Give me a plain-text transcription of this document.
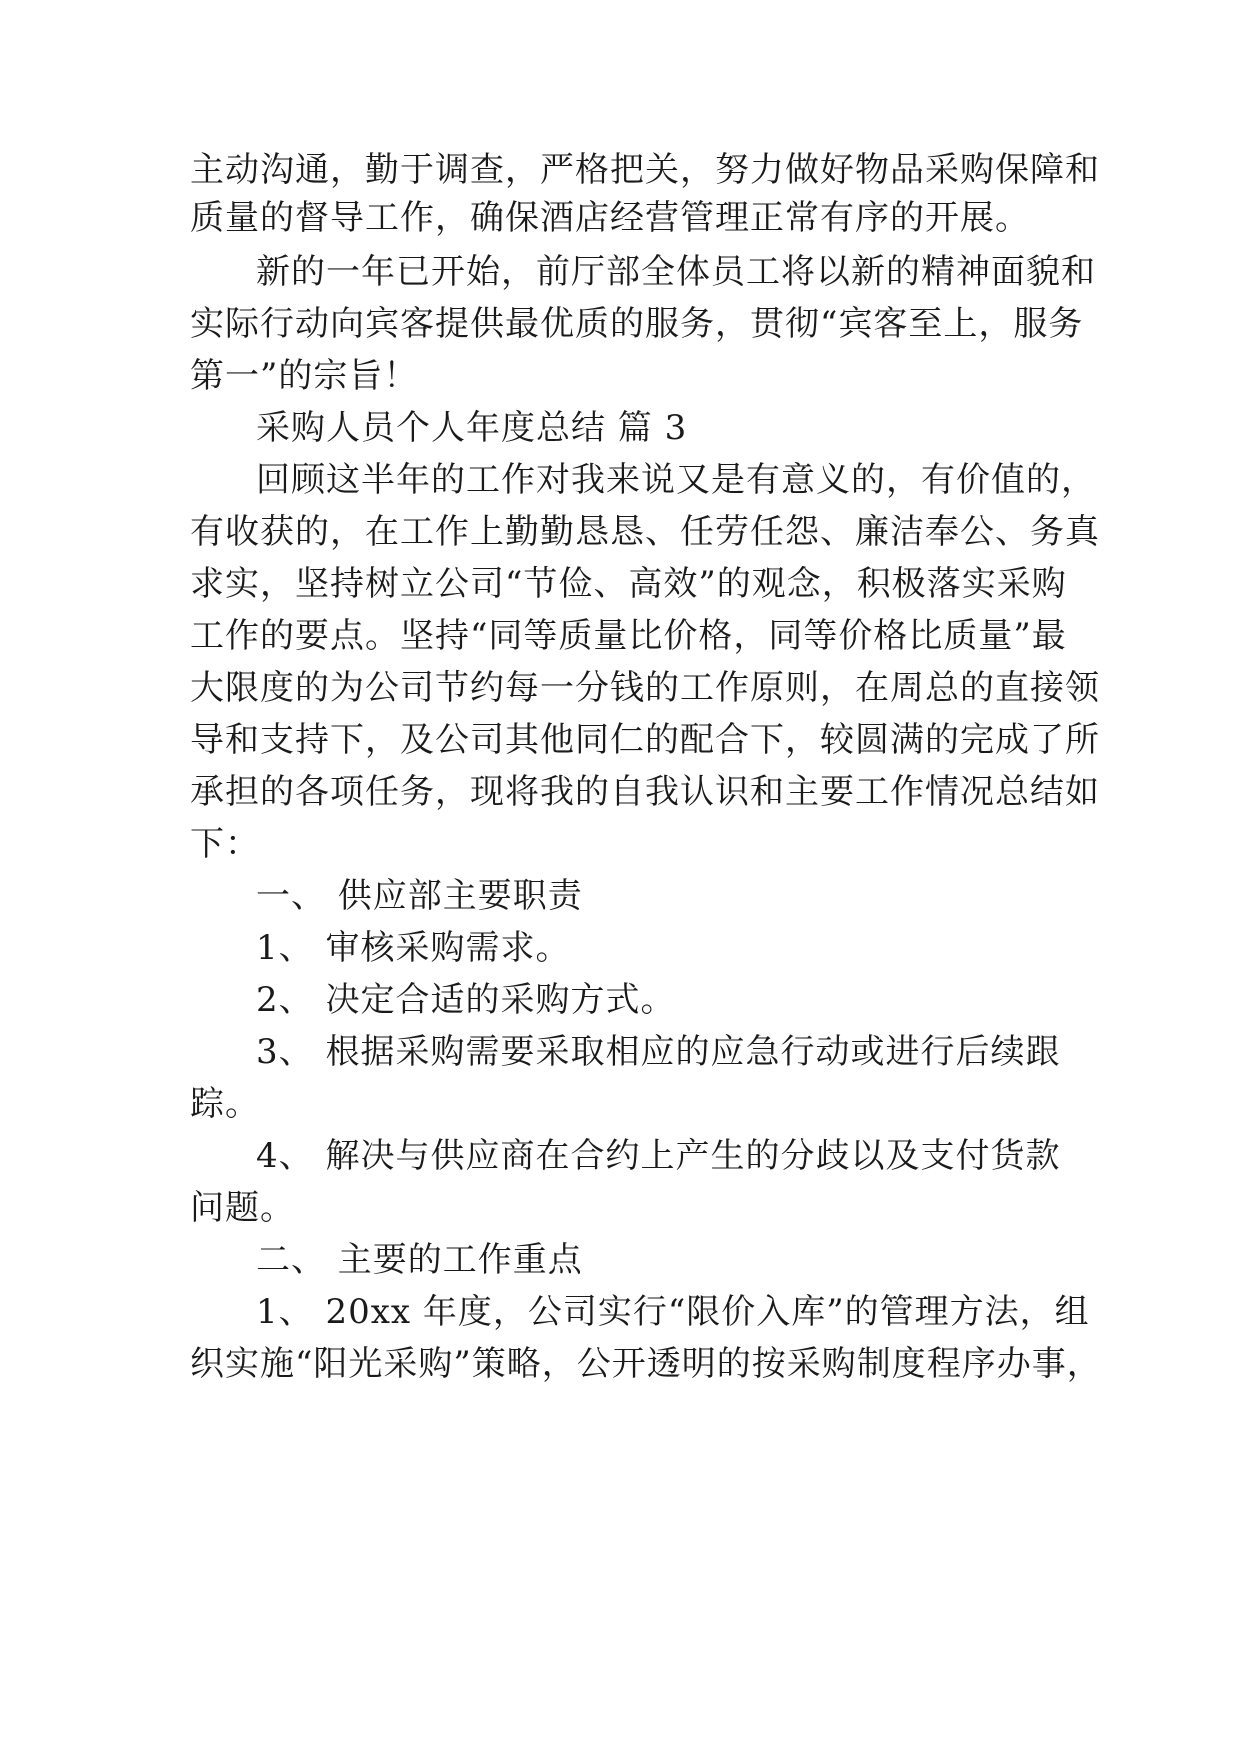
主动沟通，勤于调查，严格把关，努力做好物品采购保障和
质量的督导工作，确保酒店经营管理正常有序的开展。
新的一年已开始，前厅部全体员工将以新的精神面貌和
实际行动向宾客提供最优质的服务，贯彻“宾客至上，服务
第一”的宗旨！
采购人员个人年度总结 篇 3
回顾这半年的工作对我来说又是有意义的，有价值的，
有收获的，在工作上勤勤恳恳、任劳任怨、廉洁奉公、务真
求实，坚持树立公司“节俭、高效”的观念，积极落实采购
工作的要点。坚持“同等质量比价格，同等价格比质量”最
大限度的为公司节约每一分钱的工作原则，在周总的直接领
导和支持下，及公司其他同仁的配合下，较圆满的完成了所
承担的各项任务，现将我的自我认识和主要工作情况总结如
下：
一、 供应部主要职责
1、 审核采购需求。
2、 决定合适的采购方式。
3、 根据采购需要采取相应的应急行动或进行后续跟
踪。
4、 解决与供应商在合约上产生的分歧以及支付货款
问题。
二、 主要的工作重点
1、 20xx 年度，公司实行“限价入库”的管理方法，组
织实施“阳光采购”策略，公开透明的按采购制度程序办事，
